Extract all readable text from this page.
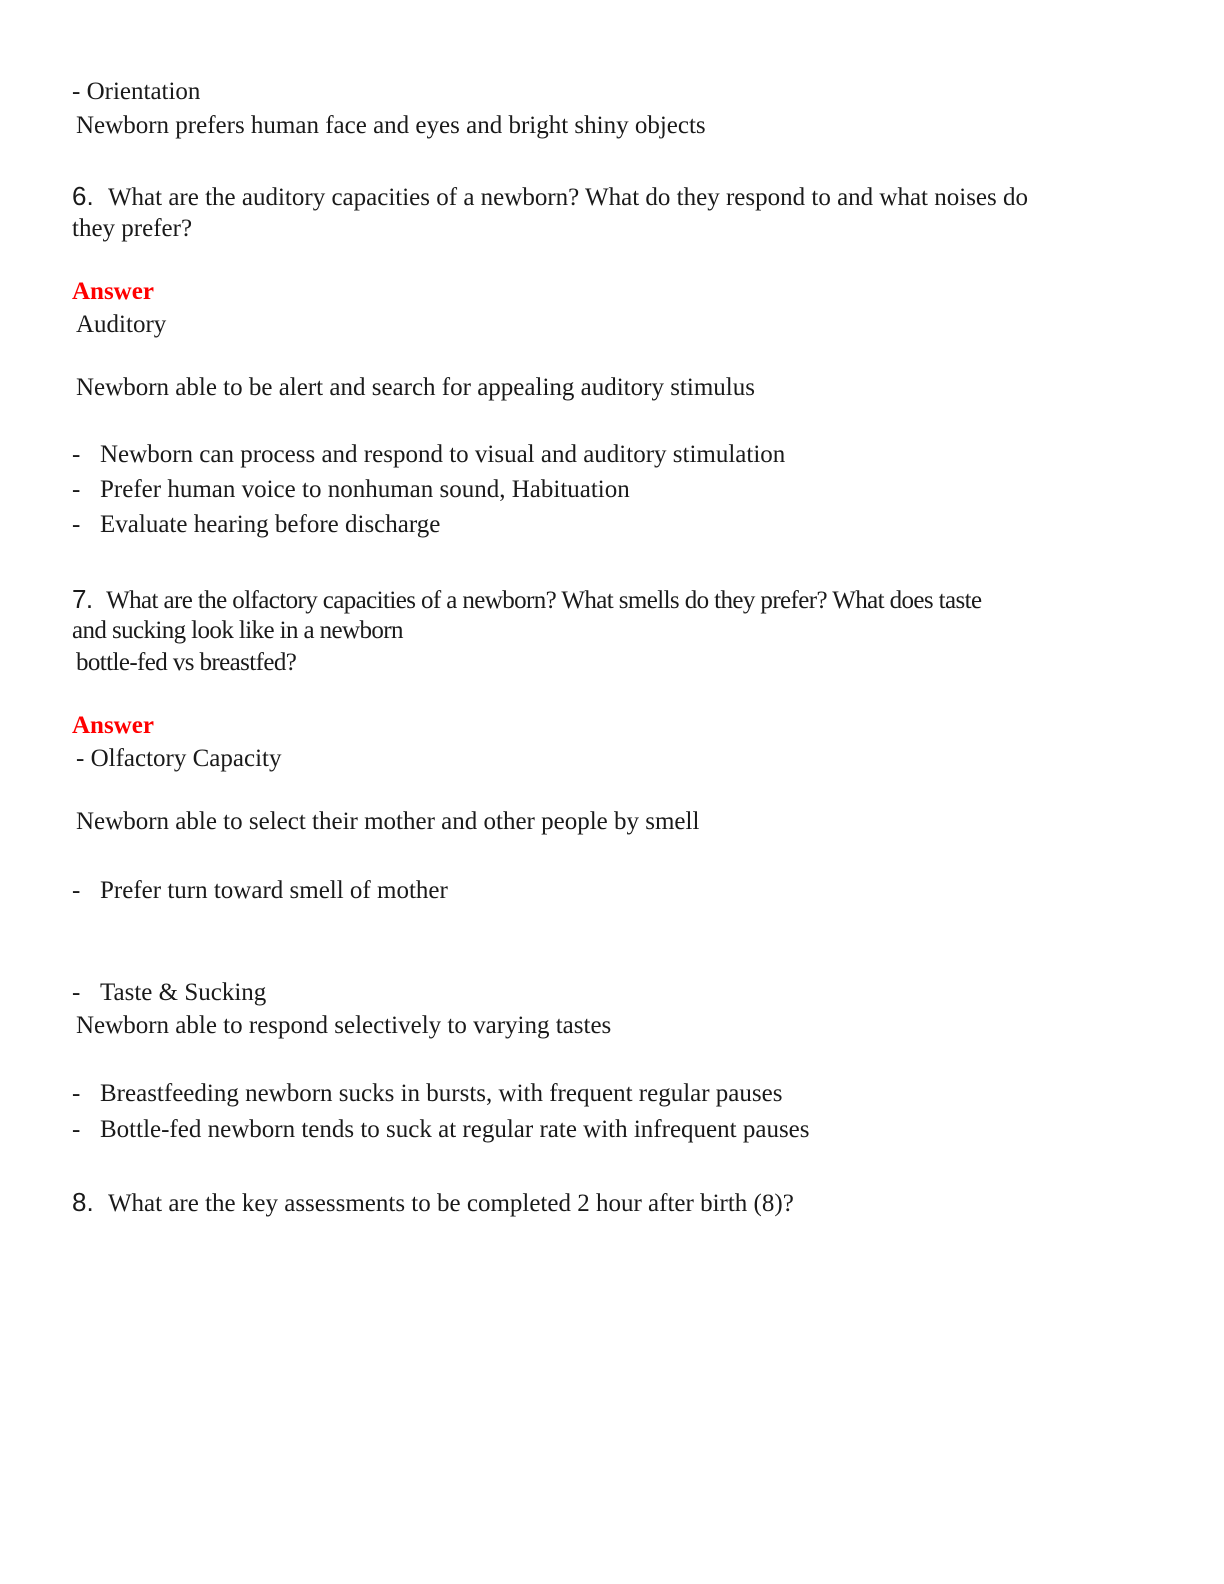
- Orientation
Newborn prefers human face and eyes and bright shiny objects
6. What are the auditory capacities of a newborn? What do they respond to and what noises do
they prefer?
Answer
Auditory
Newborn able to be alert and search for appealing auditory stimulus
- Newborn can process and respond to visual and auditory stimulation
- Prefer human voice to nonhuman sound, Habituation
- Evaluate hearing before discharge
7. What are the olfactory capacities of a newborn? What smells do they prefer? What does taste
and sucking look like in a newborn
bottle-fed vs breastfed?
Answer
- Olfactory Capacity
Newborn able to select their mother and other people by smell
- Prefer turn toward smell of mother
- Taste & Sucking
Newborn able to respond selectively to varying tastes
- Breastfeeding newborn sucks in bursts, with frequent regular pauses
- Bottle-fed newborn tends to suck at regular rate with infrequent pauses
8. What are the key assessments to be completed 2 hour after birth (8)?
